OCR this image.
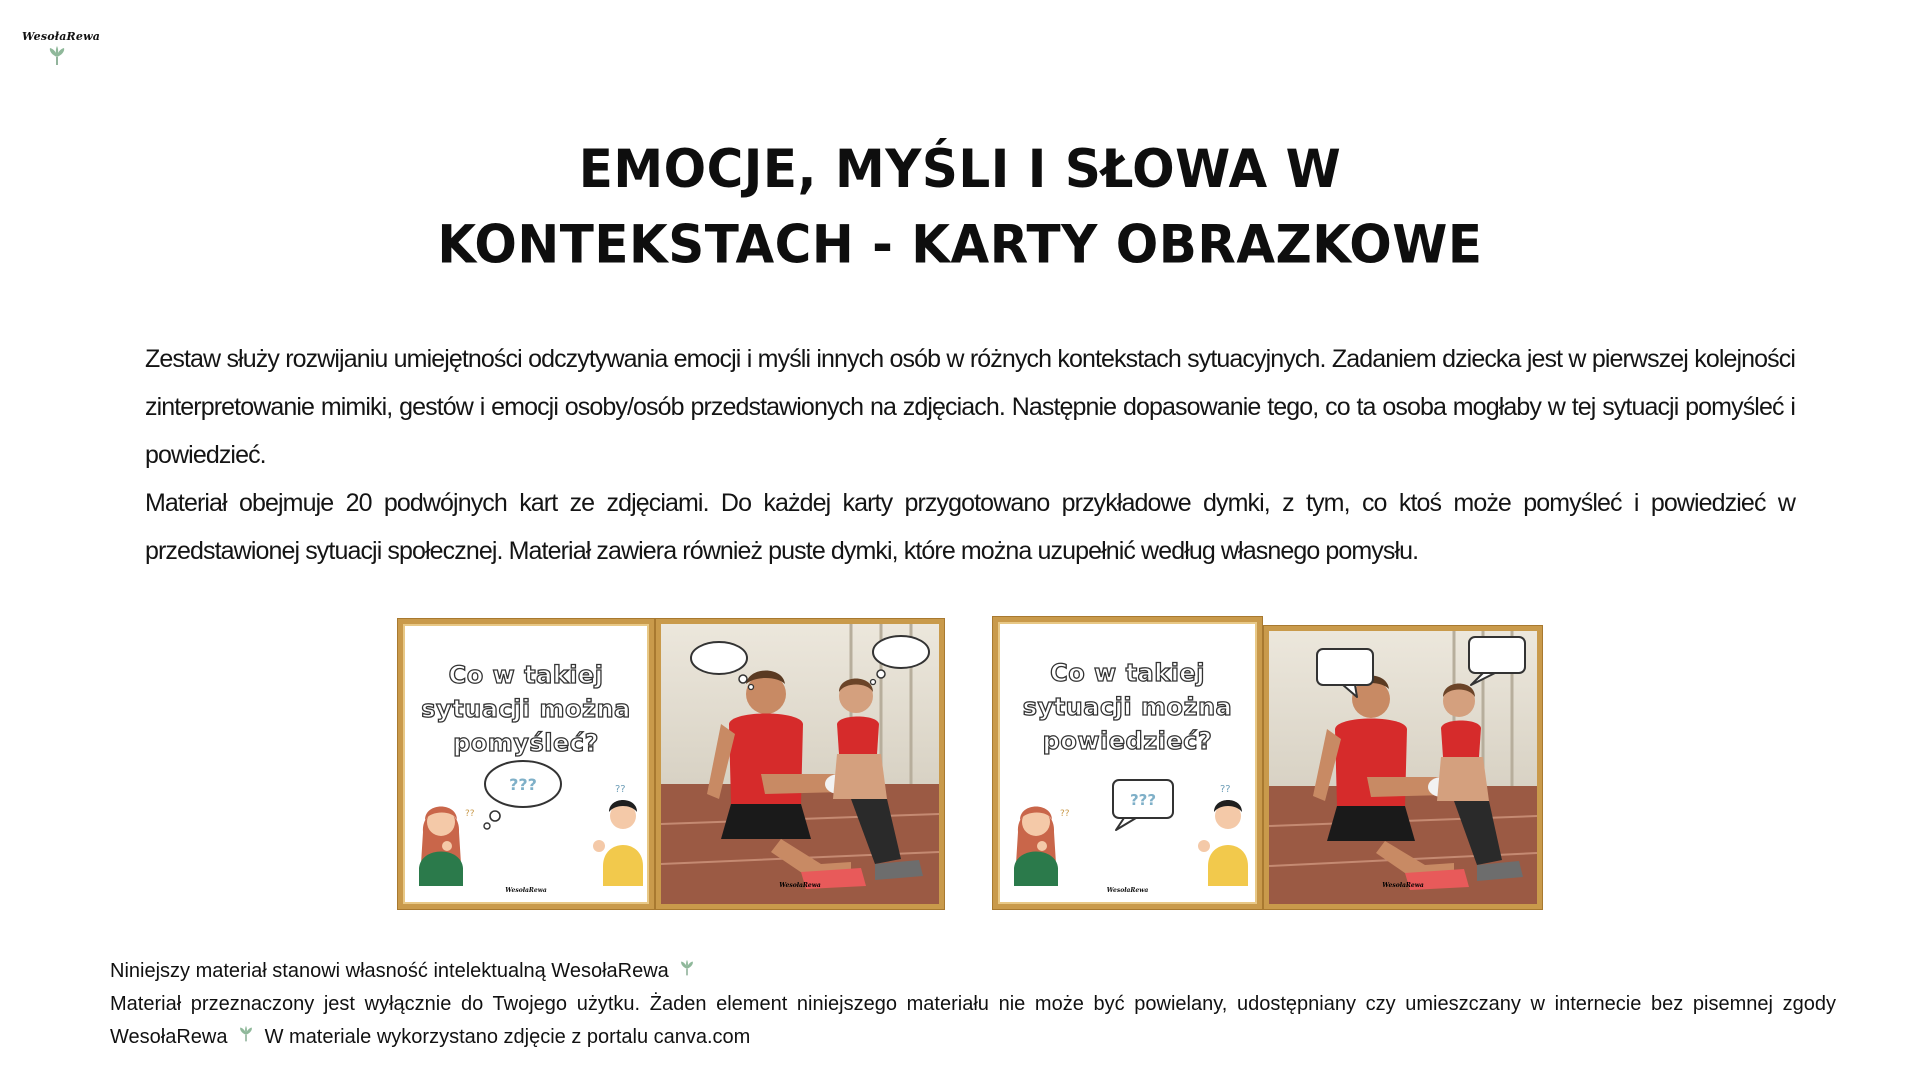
WesołaRewa
EMOCJE, MYŚLI I SŁOWA W
KONTEKSTACH - KARTY OBRAZKOWE

Zestaw służy rozwijaniu umiejętności odczytywania emocji i myśli innych osób w różnych kontekstach sytuacyjnych. Zadaniem dziecka jest w pierwszej kolejności zinterpretowanie mimiki, gestów i emocji osoby/osób przedstawionych na zdjęciach. Następnie dopasowanie tego, co ta osoba mogłaby w tej sytuacji pomyśleć i powiedzieć.

Materiał obejmuje 20 podwójnych kart ze zdjęciami. Do każdej karty przygotowano przykładowe dymki, z tym, co ktoś może pomyśleć i powiedzieć w przedstawionej sytuacji społecznej. Materiał zawiera również puste dymki, które można uzupełnić według własnego pomysłu.

Co w takiej
sytuacji można
pomyśleć?
???
??
??
WesołaRewa
WesołaRewa
Co w takiej
sytuacji można
powiedzieć?
???
??
??
WesołaRewa
WesołaRewa

Niniejszy materiał stanowi własność intelektualną WesołaRewa

Materiał przeznaczony jest wyłącznie do Twojego użytku. Żaden element niniejszego materiału nie może być powielany, udostępniany czy umieszczany w internecie bez pisemnej zgody WesołaRewa W materiale wykorzystano zdjęcie z portalu canva.com
